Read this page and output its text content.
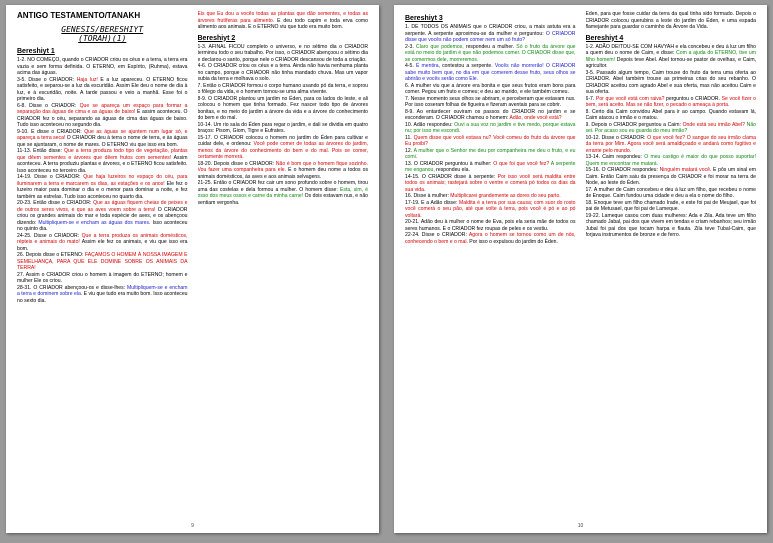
ANTIGO TESTAMENTO/TANAKH
GENESIS/BERESHIYT
(TORAH)(1)
Bereshiyt 1
1-2. NO COMEÇO, quando o CRIADOR criou os céus e a terra, a terra era vazia e sem forma definida. O ETERNO, em Espírito, (Ruhma), estava acima das águas.
3-5. Disse o CRIADOR: Haja luz! E a luz apareceu. O ETERNO ficou satisfeito, e separou-se a luz da escuridão. Assim Ele deu o nome de dia à luz, e à escuridão, noite. A tarde passou e veio a manhã. Esse foi o primeiro dia.
6-8. Disse o CRIADOR: Que se apareça um espaço para formar a separação das águas de cima e as águas de baixo! E assim aconteceu. O CRIADOR fez o céu, separando as águas de cima das águas de baixo. Tudo isso aconteceu no segundo dia.
9-10. E disse o CRIADOR: Que as águas se ajuntem num lugar só, e apareça a terra seca! O CRIADOR deu à terra o nome de terra, e às águas que se ajuntaram, o nome de mares. O ETERNO viu que isso era bom.
11-13. Então disse: Que a terra produza todo tipo de vegetação, plantas que dêem sementes e árvores que dêem frutos com sementes! Assim aconteceu. A terra produziu plantas e árvores, e o ETERNO ficou satisfeito. Isso aconteceu no terceiro dia.
14-19. Disse o CRIADOR: Que haja luzeiros no espaço do céu, para iluminarem a terra e marcarem os dias, as estações e os anos! Ele fez o luzeiro maior para dominar o dia e o menor para dominar a noite, e fez também as estrelas. Tudo isso aconteceu no quarto dia.
20-23. Então disse o CRIADOR: Que as águas fiquem cheias de peixes e de outros seres vivos, e que as aves voem sobre a terra! O CRIADOR criou os grandes animais do mar e toda espécie de aves, e os abençoou dizendo: Multipliquem-se e encham as águas dos mares. Isso aconteceu no quinto dia.
24-25. Disse o CRIADOR: Que a terra produza os animais domésticos, répteis e animais do mato! Assim ele fez os animais, e viu que isso era bom.
26. Depois disse o ETERNO: FAÇAMOS O HOMEM À NOSSA IMAGEM E SEMELHANÇA, PARA QUE ELE DOMINE SOBRE OS ANIMAIS DA TERRA!
27. Assim o CRIADOR criou o homem à imagem do ETERNO; homem e mulher Ele os criou.
28-31. O CRIADOR abençoou-os e disse-lhes: Multipliquem-se e encham a terra e dominem sobre ela. E viu que tudo era muito bom. Isso aconteceu no sexto dia.
Eis que Eu dou a vocês todas as plantas que dão sementes, e todas as árvores frutíferas para alimento. E deu todo capim e toda erva como alimento aos animais. E o ETERNO viu que tudo era muito bom.
Bereshiyt 2
1-3. AFINAL FICOU completo o universo, e no sétimo dia o CRIADOR terminou todo o seu trabalho. Por isso, o CRIADOR abençoou o sétimo dia e declarou-o santo, porque nele o CRIADOR descansou de toda a criação.
4-6. O CRIADOR criou os céus e a terra. Ainda não havia nenhuma planta no campo, porque o CRIADOR não tinha mandado chuva. Mas um vapor subia da terra e molhava o solo.
7. Então o CRIADOR formou o corpo humano usando pó da terra, e soprou o fôlego da vida, e o homem tornou-se uma alma vivente.
8-9. O CRIADOR plantou um jardim no Éden, para os lados do leste, e ali colocou o homem que tinha formado. Fez nascer todo tipo de árvores bonitas, e no meio do jardim a árvore da vida e a árvore do conhecimento do bem e do mal.
10-14. Um rio saía do Éden para regar o jardim, e dali se dividia em quatro braços: Pisom, Giom, Tigre e Eufrates.
15-17. O CRIADOR colocou o homem no jardim do Éden para cultivar e cuidar dele, e ordenou: Você pode comer de todas as árvores do jardim, menos da árvore do conhecimento do bem e do mal. Pois se comer, certamente morrerá.
18-20. Depois disse o CRIADOR: Não é bom que o homem fique sozinho. Vou fazer uma companheira para ele. E o homem deu nome a todos os animais domésticos, às aves e aos animais selvagens.
21-25. Então o CRIADOR fez cair um sono profundo sobre o homem, tirou uma das costelas e dela formou a mulher. O homem disse: Esta, sim, é osso dos meus ossos e carne da minha carne! Os dois estavam nus, e não sentiam vergonha.
9
Bereshiyt 3
1. DE TODOS OS ANIMAIS que o CRIADOR criou, a mais astuta era a serpente. A serpente aproximou-se da mulher e perguntou: O CRIADOR disse que vocês não podem comer nem um só fruto?
2-3. Claro que podemos, respondeu a mulher. Só o fruto da árvore que está no meio do jardim é que não podemos comer. O CRIADOR disse que, se comermos dele, morreremos.
4-5. É mentira, contestou a serpente. Vocês não morrerão! O CRIADOR sabe muito bem que, no dia em que comerem desse fruto, seus olhos se abrirão e vocês serão como Ele.
6. A mulher viu que a árvore era bonita e que seus frutos eram bons para comer. Pegou um fruto e comeu; e deu ao marido, e ele também comeu.
7. Nesse momento seus olhos se abriram, e perceberam que estavam nus. Por isso coseram folhas de figueira e fizeram aventais para se cobrir.
8-9. Ao entardecer ouviram os passos do CRIADOR no jardim e se esconderam. O CRIADOR chamou o homem: Adão, onde você está?
10. Adão respondeu: Ouvi a sua voz no jardim e tive medo, porque estava nu; por isso me escondi.
11. Quem disse que você estava nu? Você comeu do fruto da árvore que Eu proibi?
12. A mulher que o Senhor me deu por companheira me deu o fruto, e eu comi.
13. O CRIADOR perguntou à mulher: O que foi que você fez? A serpente me enganou, respondeu ela.
14-15. O CRIADOR disse à serpente: Por isso você será maldita entre todos os animais; rastejará sobre o ventre e comerá pó todos os dias da sua vida.
16. Disse à mulher: Multiplicarei grandemente as dores do seu parto.
17-19. E a Adão disse: Maldita é a terra por sua causa; com suor do rosto você comerá o seu pão, até que volte à terra, pois você é pó e ao pó voltará.
20-21. Adão deu à mulher o nome de Eva, pois ela seria mãe de todos os seres humanos. E o CRIADOR fez roupas de peles e os vestiu.
22-24. Disse o CRIADOR: Agora o homem se tornou como um de nós, conhecendo o bem e o mal. Por isso o expulsou do jardim do Éden.
Éden, para que fosse cuidar da terra da qual tinha sido formado. Depois o CRIADOR colocou querubins a leste do jardim do Éden, e uma espada flamejante para guardar o caminho da Árvore da Vida.
Bereshiyt 4
1-2. ADÃO DEITOU-SE COM HAVYAH e ela concebeu e deu à luz um filho a quem deu o nome de Caim, e disse: Com a ajuda do ETERNO, tive um filho homem! Depois teve Abel. Abel tornou-se pastor de ovelhas, e Caim, agricultor.
3-5. Passado algum tempo, Caim trouxe do fruto da terra uma oferta ao CRIADOR. Abel também trouxe as primeiras crias do seu rebanho. O CRIADOR aceitou com agrado Abel e sua oferta, mas não aceitou Caim e sua oferta.
6-7. Por que você está com raiva? perguntou o CRIADOR. Se você fizer o bem, será aceito. Mas se não fizer, o pecado o ameaça à porta.
8. Certo dia Caim convidou Abel para ir ao campo. Quando estavam lá, Caim atacou o irmão e o matou.
9. Depois o CRIADOR perguntou a Caim: Onde está seu irmão Abel? Não sei. Por acaso sou eu guarda do meu irmão?
10-12. Disse o CRIADOR: O que você fez? O sangue do seu irmão clama da terra por Mim. Agora você será amaldiçoado e andará como fugitivo e errante pelo mundo.
13-14. Caim respondeu: O meu castigo é maior do que posso suportar! Quem me encontrar me matará.
15-16. O CRIADOR respondeu: Ninguém matará você. E pôs um sinal em Caim. Então Caim saiu da presença do CRIADOR e foi morar na terra de Node, ao leste do Éden.
17. A mulher de Caim concebeu e deu à luz um filho, que recebeu o nome de Enoque. Caim fundou uma cidade e deu a ela o nome do filho.
18. Enoque teve um filho chamado Irade, e este foi pai de Meujael, que foi pai de Metusael, que foi pai de Lameque.
19-22. Lameque casou com duas mulheres: Ada e Zila. Ada teve um filho chamado Jabal, pai dos que vivem em tendas e criam rebanhos; seu irmão Jubal foi pai dos que tocam harpa e flauta. Zila teve Tubal-Caim, que forjava instrumentos de bronze e de ferro.
10
